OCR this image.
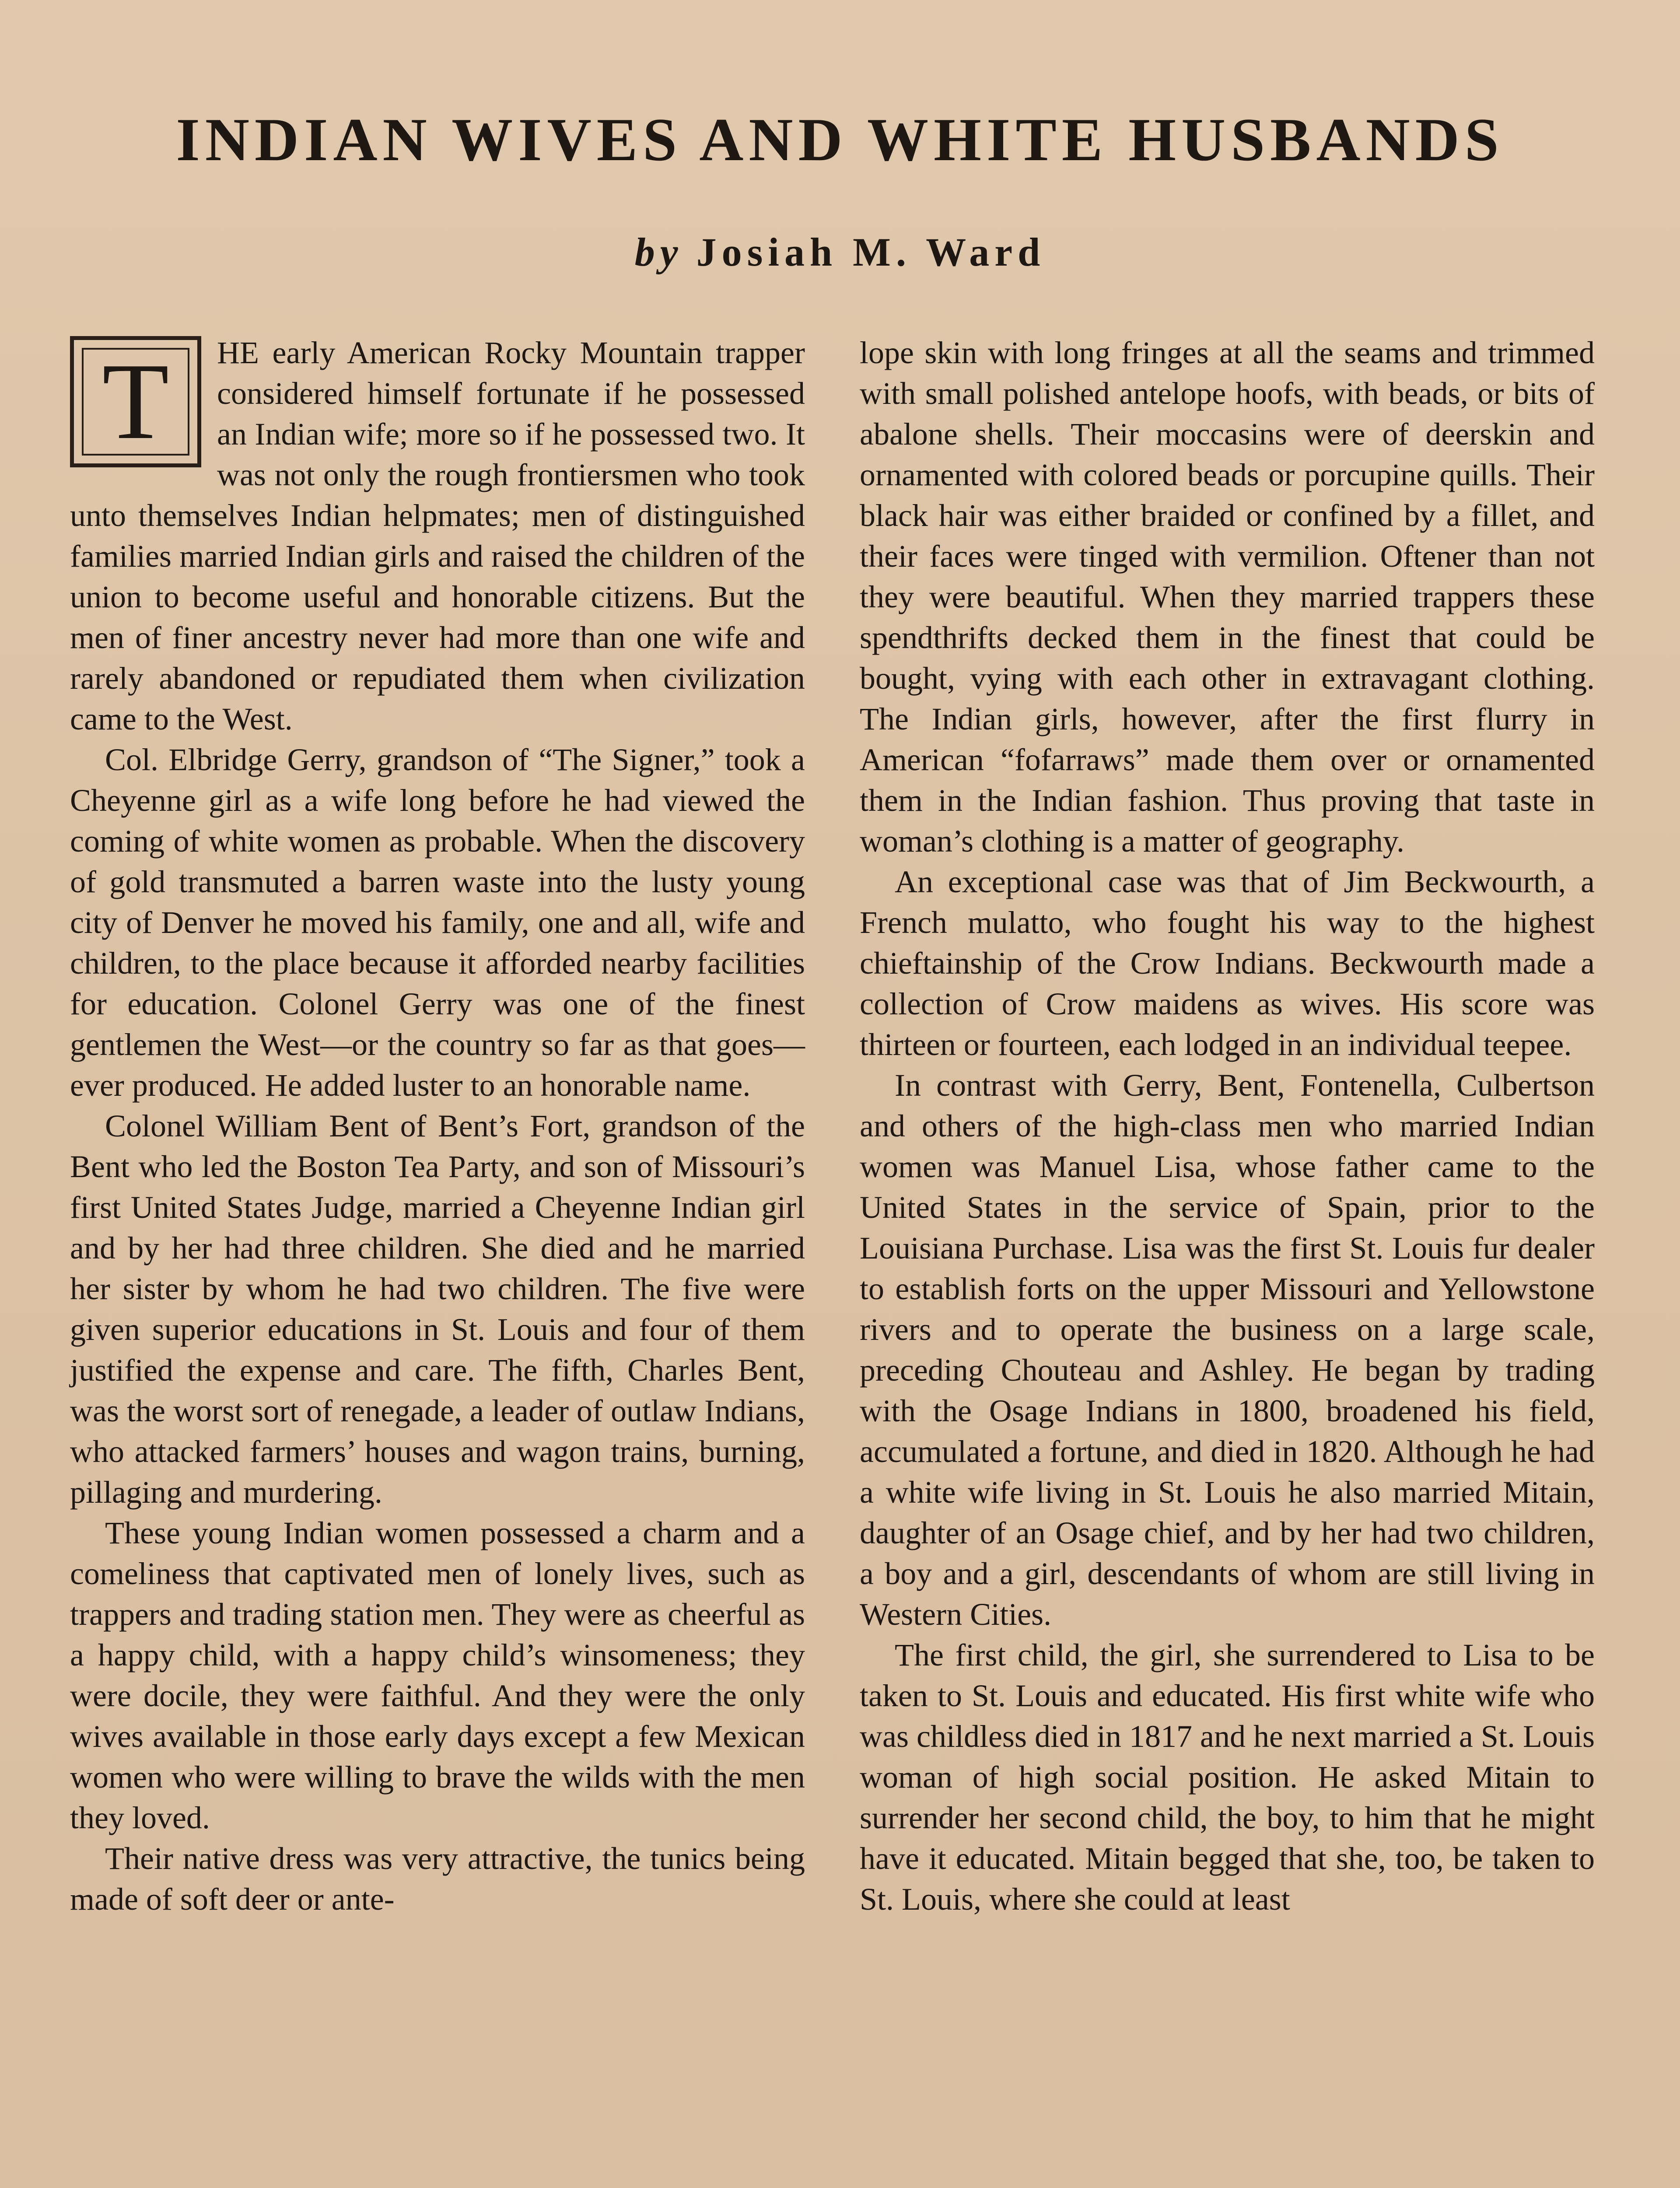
INDIAN WIVES AND WHITE HUSBANDS
by Josiah M. Ward

T	HE early American Rocky Mountain trapper considered himself fortunate if he possessed an Indian wife; more so if he possessed two. It was not only the rough frontiersmen who took unto themselves Indian helpmates; men of distinguished families married Indian girls and raised the children of the union to become useful and honorable citizens. But the men of finer ancestry never had more than one wife and rarely abandoned or repudiated them when civilization came to the West.

Col. Elbridge Gerry, grandson of “The Signer,” took a Cheyenne girl as a wife long before he had viewed the coming of white women as probable. When the discovery of gold transmuted a barren waste into the lusty young city of Denver he moved his family, one and all, wife and children, to the place because it afforded nearby facilities for education. Colonel Gerry was one of the finest gentlemen the West—or the country so far as that goes—ever produced. He added luster to an honorable name.

Colonel William Bent of Bent’s Fort, grandson of the Bent who led the Boston Tea Party, and son of Missouri’s first United States Judge, married a Cheyenne Indian girl and by her had three children. She died and he married her sister by whom he had two children. The five were given superior educations in St. Louis and four of them justified the expense and care. The fifth, Charles Bent, was the worst sort of renegade, a leader of outlaw Indians, who attacked farmers’ houses and wagon trains, burning, pillaging and murdering.

These young Indian women possessed a charm and a comeliness that captivated men of lonely lives, such as trappers and trading station men. They were as cheerful as a happy child, with a happy child’s winsomeness; they were docile, they were faithful. And they were the only wives available in those early days except a few Mexican women who were willing to brave the wilds with the men they loved.

Their native dress was very attractive, the tunics being made of soft deer or ante-

lope skin with long fringes at all the seams and trimmed with small polished antelope hoofs, with beads, or bits of abalone shells. Their moccasins were of deerskin and ornamented with colored beads or porcupine quills. Their black hair was either braided or confined by a fillet, and their faces were tinged with vermilion. Oftener than not they were beautiful. When they married trappers these spendthrifts decked them in the finest that could be bought, vying with each other in extravagant clothing. The Indian girls, however, after the first flurry in American “fofarraws” made them over or ornamented them in the Indian fashion. Thus proving that taste in woman’s clothing is a matter of geography.

An exceptional case was that of Jim Beckwourth, a French mulatto, who fought his way to the highest chieftainship of the Crow Indians. Beckwourth made a collection of Crow maidens as wives. His score was thirteen or fourteen, each lodged in an individual teepee.

In contrast with Gerry, Bent, Fontenella, Culbertson and others of the high-class men who married Indian women was Manuel Lisa, whose father came to the United States in the service of Spain, prior to the Louisiana Purchase. Lisa was the first St. Louis fur dealer to establish forts on the upper Missouri and Yellowstone rivers and to operate the business on a large scale, preceding Chouteau and Ashley. He began by trading with the Osage Indians in 1800, broadened his field, accumulated a fortune, and died in 1820. Although he had a white wife living in St. Louis he also married Mitain, daughter of an Osage chief, and by her had two children, a boy and a girl, descendants of whom are still living in Western Cities.

The first child, the girl, she surrendered to Lisa to be taken to St. Louis and educated. His first white wife who was childless died in 1817 and he next married a St. Louis woman of high social position. He asked Mitain to surrender her second child, the boy, to him that he might have it educated. Mitain begged that she, too, be taken to St. Louis, where she could at least
